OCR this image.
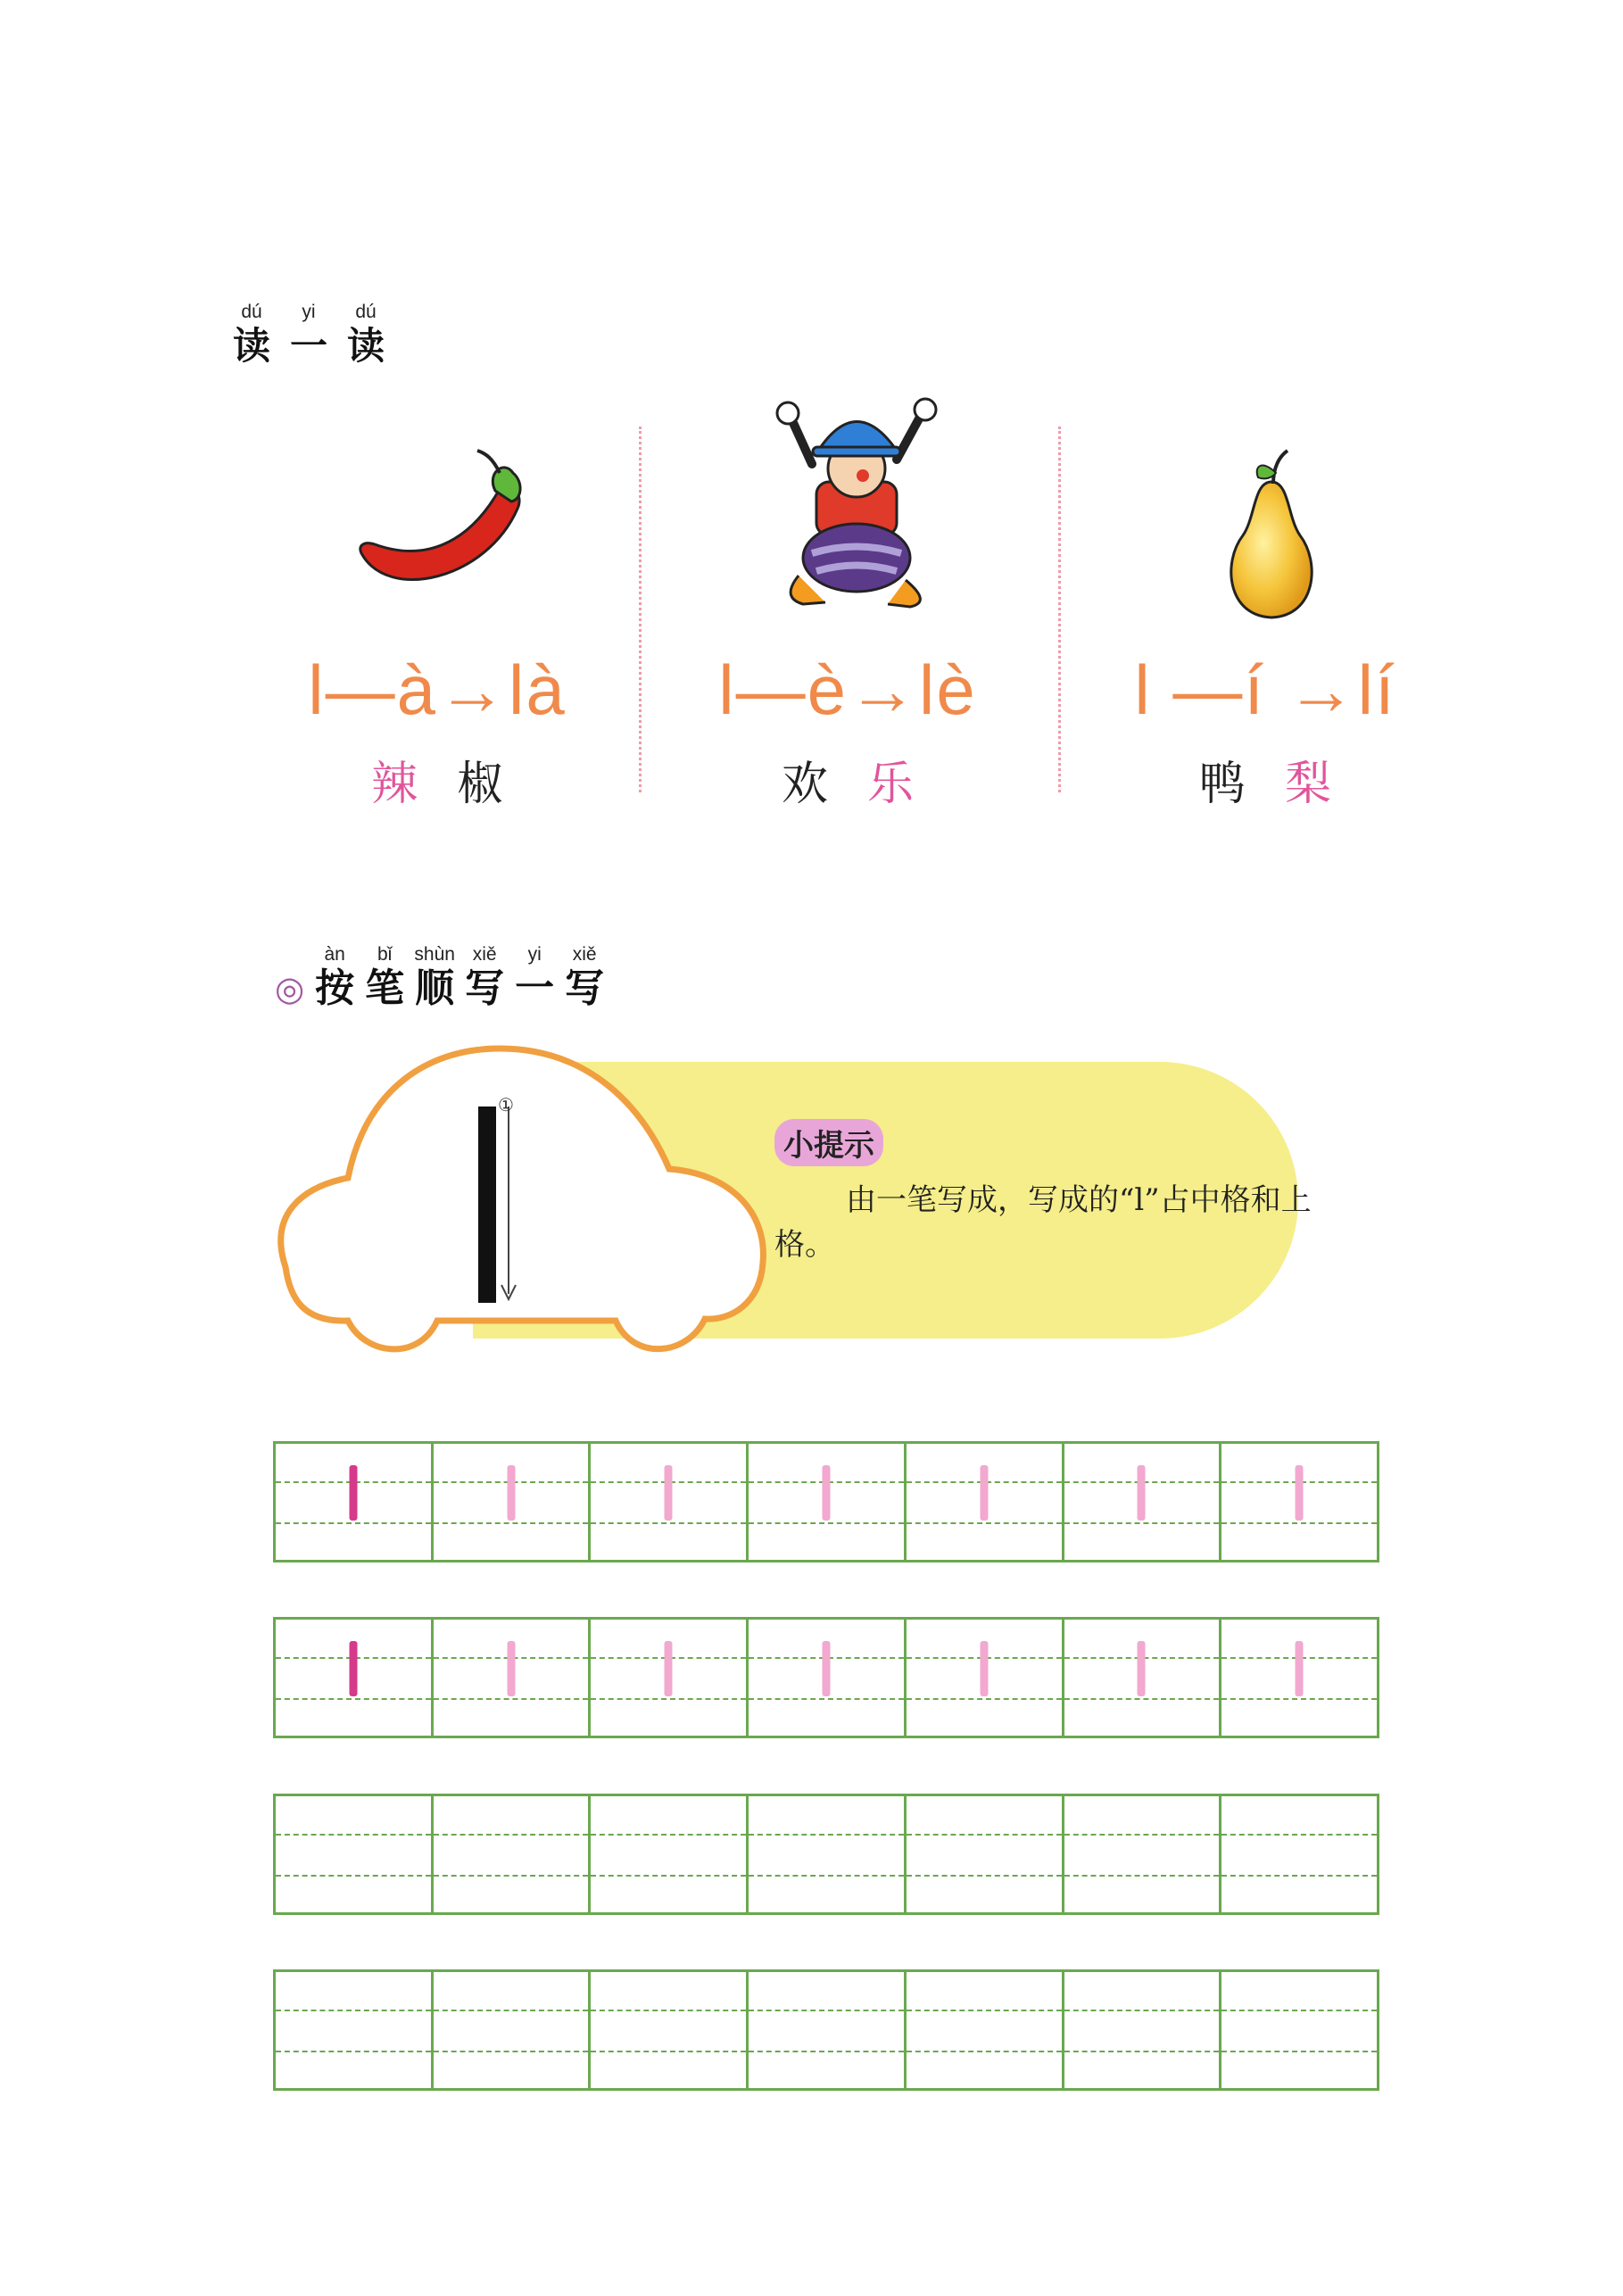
dú
读
yi
一
dú
读
l—à→là	l—è→lè	l —í →lí
辣 椒	欢 乐	鸭 梨
◎
àn
按
bǐ
笔
shùn
顺
xiě
写
yi
一
xiě
写
①
小提示
由一笔写成，写成的“l”占中格和上格。
